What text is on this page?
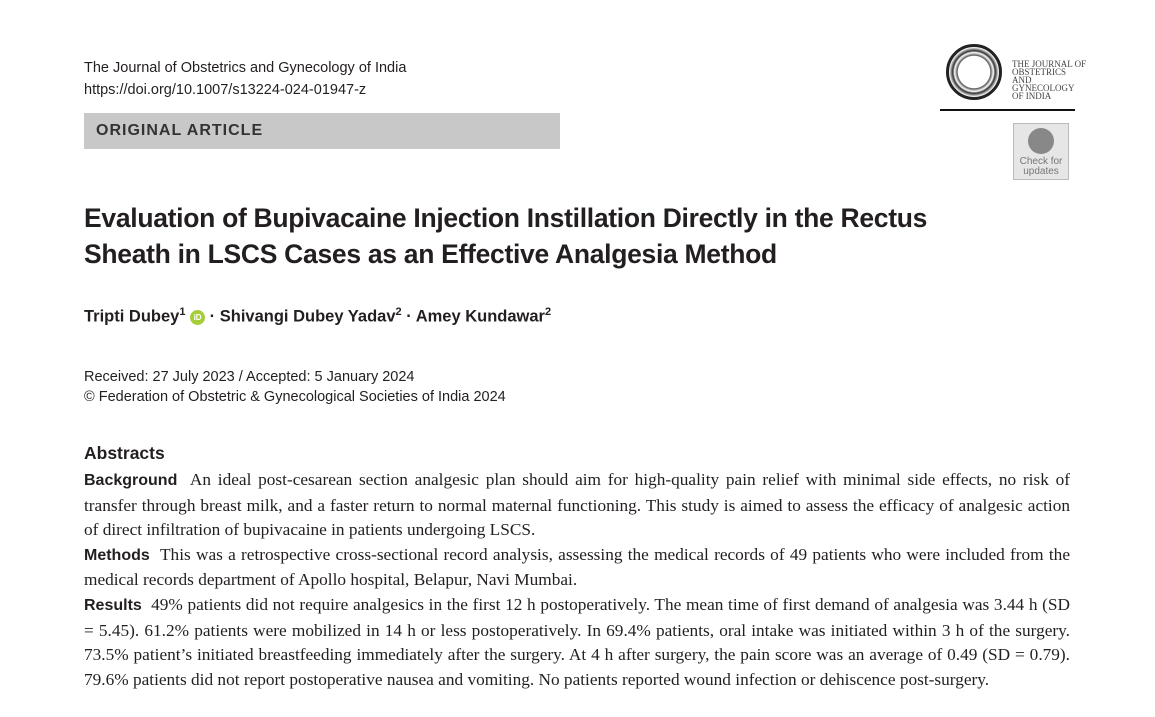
The Journal of Obstetrics and Gynecology of India
https://doi.org/10.1007/s13224-024-01947-z
THE JOURNAL OF
OBSTETRICS
AND
GYNECOLOGY
OF INDIA
ORIGINAL ARTICLE
Check for updates
Evaluation of Bupivacaine Injection Instillation Directly in the Rectus Sheath in LSCS Cases as an Effective Analgesia Method
Tripti Dubey$^1$ iD · Shivangi Dubey Yadav$^2$ · Amey Kundawar$^2$
Received: 27 July 2023 / Accepted: 5 January 2024
© Federation of Obstetric & Gynecological Societies of India 2024
Abstracts

Background An ideal post-cesarean section analgesic plan should aim for high-quality pain relief with minimal side effects, no risk of transfer through breast milk, and a faster return to normal maternal functioning. This study is aimed to assess the efficacy of analgesic action of direct infiltration of bupivacaine in patients undergoing LSCS.

Methods This was a retrospective cross-sectional record analysis, assessing the medical records of 49 patients who were included from the medical records department of Apollo hospital, Belapur, Navi Mumbai.

Results 49% patients did not require analgesics in the first 12 h postoperatively. The mean time of first demand of analgesia was 3.44 h (SD = 5.45). 61.2% patients were mobilized in 14 h or less postoperatively. In 69.4% patients, oral intake was initiated within 3 h of the surgery. 73.5% patient’s initiated breastfeeding immediately after the surgery. At 4 h after surgery, the pain score was an average of 0.49 (SD = 0.79). 79.6% patients did not report postoperative nausea and vomiting. No patients reported wound infection or dehiscence post-surgery.
